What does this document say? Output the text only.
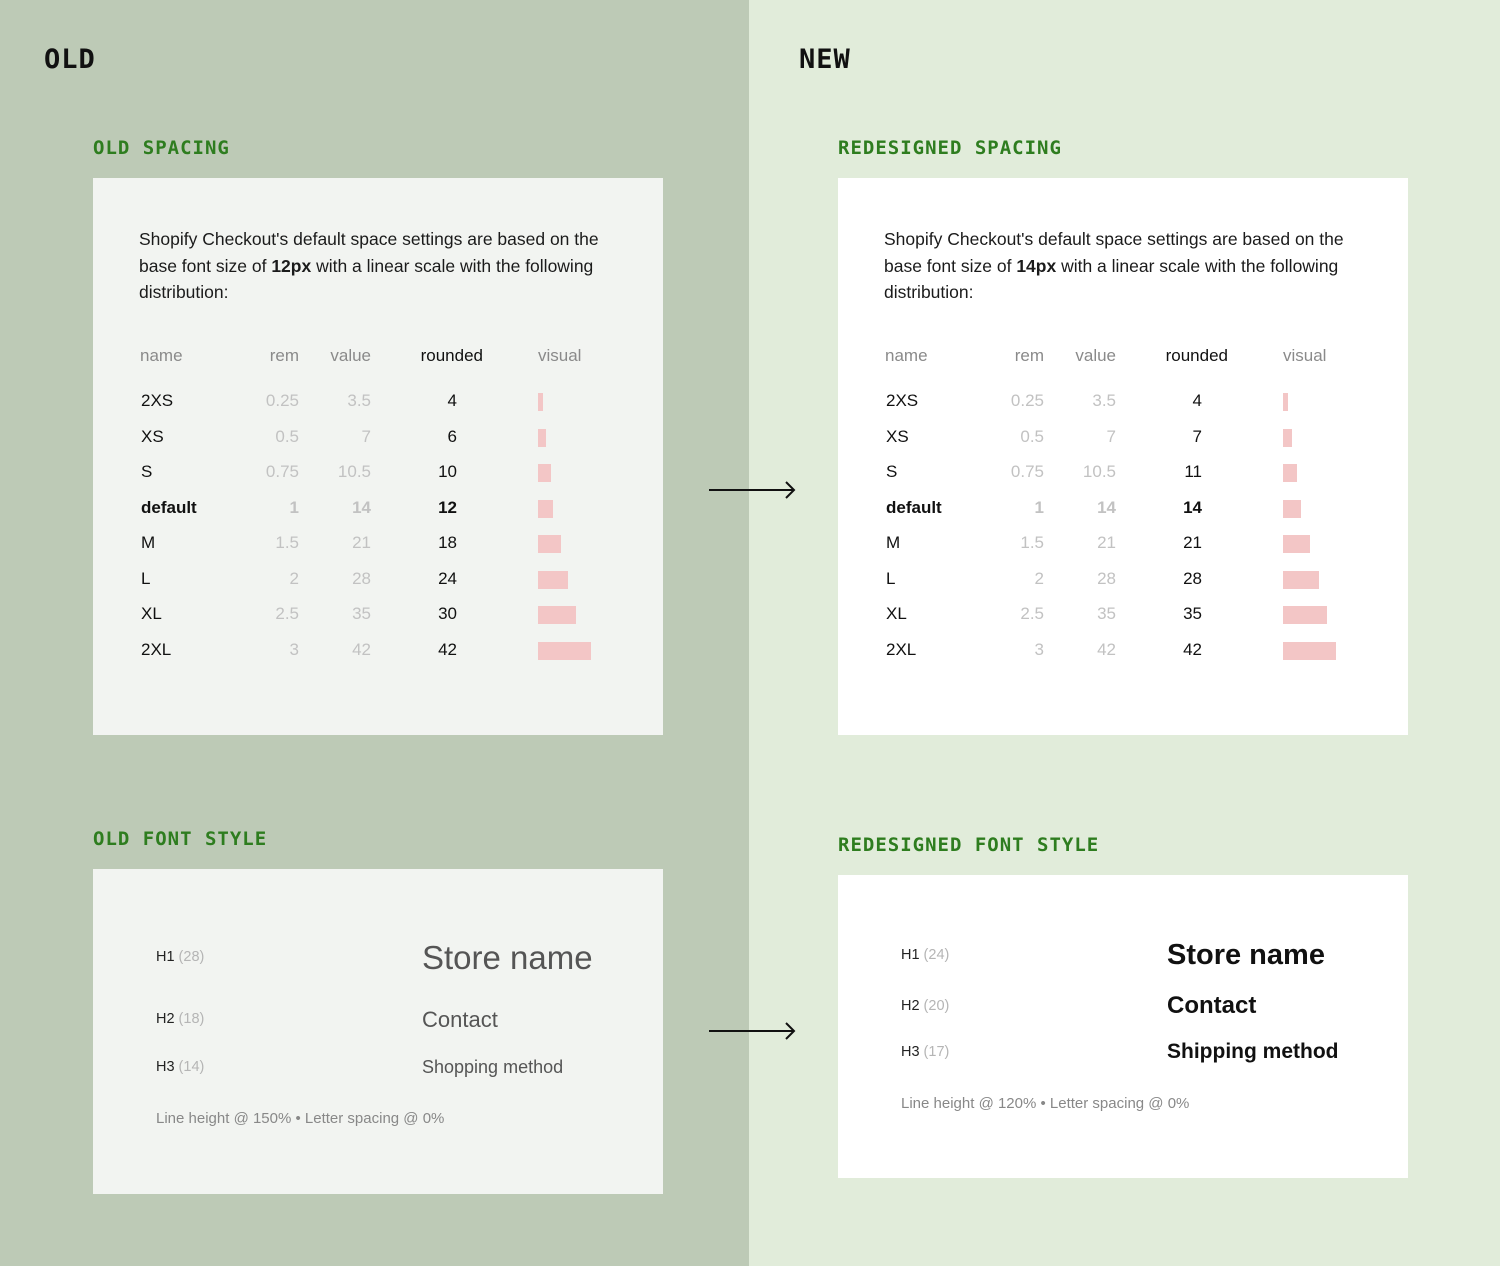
OLD
OLD SPACING
Shopify Checkout's default space settings are based on the base font size of 12px with a linear scale with the following distribution:
name	rem value	rounded	visual
2XS	0.25	3.5	4
XS	0.5	7	6
S	0.75 10.5	10
default	1	14	12
M	1.5	21	18
L	2	28	24
XL	2.5	35	30
2XL	3	42	42
OLD FONT STYLE
H1 (28)	Store name
H2 (18)	Contact
H3 (14)	Shopping method
Line height @ 150% • Letter spacing @ 0%
NEW
REDESIGNED SPACING
Shopify Checkout's default space settings are based on the base font size of 14px with a linear scale with the following distribution:
name	rem value	rounded	visual
2XS	0.25	3.5	4
XS	0.5	7	7
S	0.75 10.5	11
default	1	14	14
M	1.5	21	21
L	2	28	28
XL	2.5	35	35
2XL	3	42	42
REDESIGNED FONT STYLE
H1 (24)	Store name
H2 (20)	Contact
H3 (17)	Shipping method
Line height @ 120% • Letter spacing @ 0%
